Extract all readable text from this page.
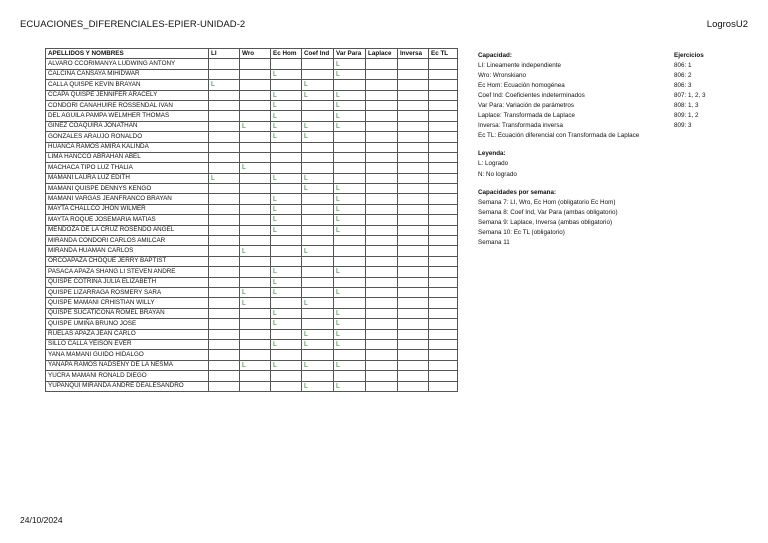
ECUACIONES_DIFERENCIALES-EPIER-UNIDAD-2	LogrosU2
APELLIDOS Y NOMBRES	LI	Wro	Ec Hom	Coef Ind	Var Para	Laplace	Inversa	Ec TL
ALVARO CCORIMANYA LUDWING ANTONY					L			
CALCINA CANSAYA MIHIDWAR			L		L			
CALLA QUISPE KEVIN BRAYAN	L			L				
CCAPA QUISPE JENNIFER ARACELY			L	L	L			
CONDORI CANAHUIRE ROSSENDAL IVAN			L		L			
DEL AGUILA PAMPA WELMHER THOMAS			L		L			
GINEZ COAQUIRA JONATHAN		L	L	L	L			
GONZALES ARAUJO RONALDO			L	L				
HUANCA RAMOS AMIRA KALINDA								
LIMA HANCCO ABRAHAN ABEL								
MACHACA TIPO LUZ THALIA		L						
MAMANI LAURA LUZ EDITH	L		L	L				
MAMANI QUISPE DENNYS KENGO				L	L			
MAMANI VARGAS JEANFRANCO BRAYAN			L		L			
MAYTA CHALLCO JHON WILMER			L		L			
MAYTA ROQUE JOSEMARIA MATIAS			L		L			
MENDOZA DE LA CRUZ ROSENDO ANGEL			L		L			
MIRANDA CONDORI CARLOS AMILCAR								
MIRANDA HUAMAN CARLOS		L		L				
ORCOAPAZA CHOQUE JERRY BAPTIST								
PASACA APAZA SHANG LI STEVEN ANDRE			L		L			
QUISPE COTRINA JULIA ELIZABETH			L					
QUISPE LIZARRAGA ROSMERY SARA		L	L		L			
QUISPE MAMANI CRHISTIAN WILLY		L		L				
QUISPE SUCATICONA ROMEL BRAYAN			L		L			
QUISPE UMIÑA BRUNO JOSE			L		L			
RUELAS APAZA JEAN CARLO				L	L			
SILLO CALLA YEISON EVER			L	L	L			
YANA MAMANI GUIDO HIDALGO								
YANAPA RAMOS NADSENY DE LA NESMA		L	L	L	L			
YUCRA MAMANI RONALD DIEGO								
YUPANQUI MIRANDA ANDRE DEALESANDRO				L	L			
Capacidad:	Ejercicios
LI: Lineamente independiente	806: 1
Wro: Wronskiano	806: 2
Ec Hom: Ecuación homogénea	806: 3
Coef Ind: Coeficientes indeterminados	807: 1, 2, 3
Var Para: Variación de parámetros	808: 1, 3
Laplace: Transformada de Laplace	809: 1, 2
Inversa: Transformada inversa	809: 3
Ec TL: Ecuación diferencial con Transformada de Laplace
Leyenda:
L: Logrado
N: No logrado
Capacidades por semana:
Semana 7: LI, Wro, Ec Hom (obligatorio Ec Hom)
Semana 8: Coef Ind, Var Para (ambas obligatorio)
Semana 9: Laplace, Inversa (ambas obligatorio)
Semana 10: Ec TL (obligatorio)
Semana 11
24/10/2024
